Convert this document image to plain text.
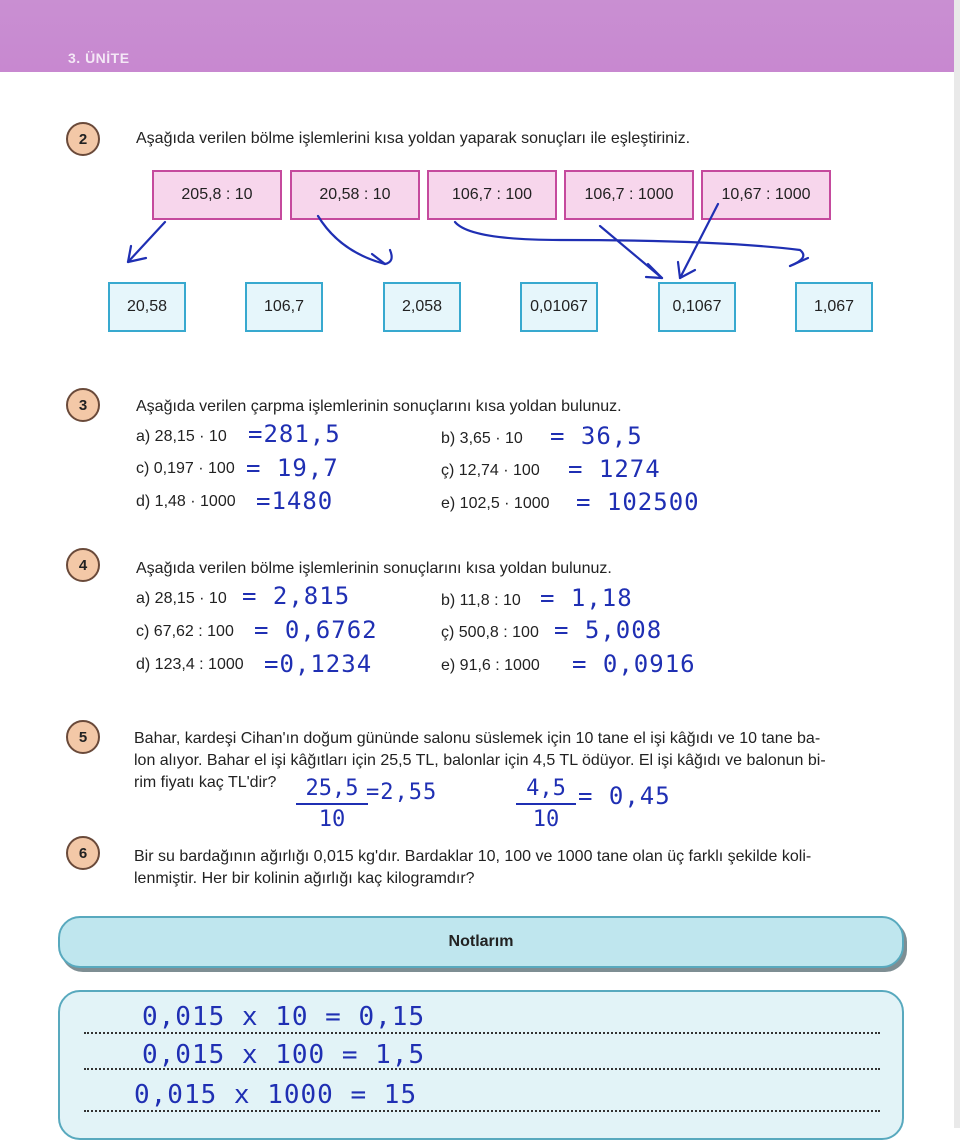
3. ÜNİTE
2	Aşağıda verilen bölme işlemlerini kısa yoldan yaparak sonuçları ile eşleştiriniz.
205,8 : 10	20,58 : 10	106,7 : 100	106,7 : 1000	10,67 : 1000
20,58	106,7	2,058	0,01067	0,1067	1,067
3	Aşağıda verilen çarpma işlemlerinin sonuçlarını kısa yoldan bulunuz.
a) 28,15 · 10 =281,5	b) 3,65 · 10 = 36,5
c) 0,197 · 100 = 19,7	ç) 12,74 · 100 = 1274
d) 1,48 · 1000 =1480	e) 102,5 · 1000 = 102500
4	Aşağıda verilen bölme işlemlerinin sonuçlarını kısa yoldan bulunuz.
a) 28,15 · 10 = 2,815	b) 11,8 : 10 = 1,18
c) 67,62 : 100 = 0,6762	ç) 500,8 : 100 = 5,008
d) 123,4 : 1000 =0,1234	e) 91,6 : 1000 = 0,0916
5	Bahar, kardeşi Cihan'ın doğum gününde salonu süslemek için 10 tane el işi kâğıdı ve 10 tane ba-
lon alıyor. Bahar el işi kâğıtları için 25,5 TL, balonlar için 4,5 TL ödüyor. El işi kâğıdı ve balonun bi-
rim fiyatı kaç TL'dir?	25,5
10
=2,55	4,5
10
= 0,45
6	Bir su bardağının ağırlığı 0,015 kg'dır. Bardaklar 10, 100 ve 1000 tane olan üç farklı şekilde koli-
lenmiştir. Her bir kolinin ağırlığı kaç kilogramdır?
Notlarım
0,015 x 10 = 0,15
0,015 x 100 = 1,5
0,015 x 1000 = 15
